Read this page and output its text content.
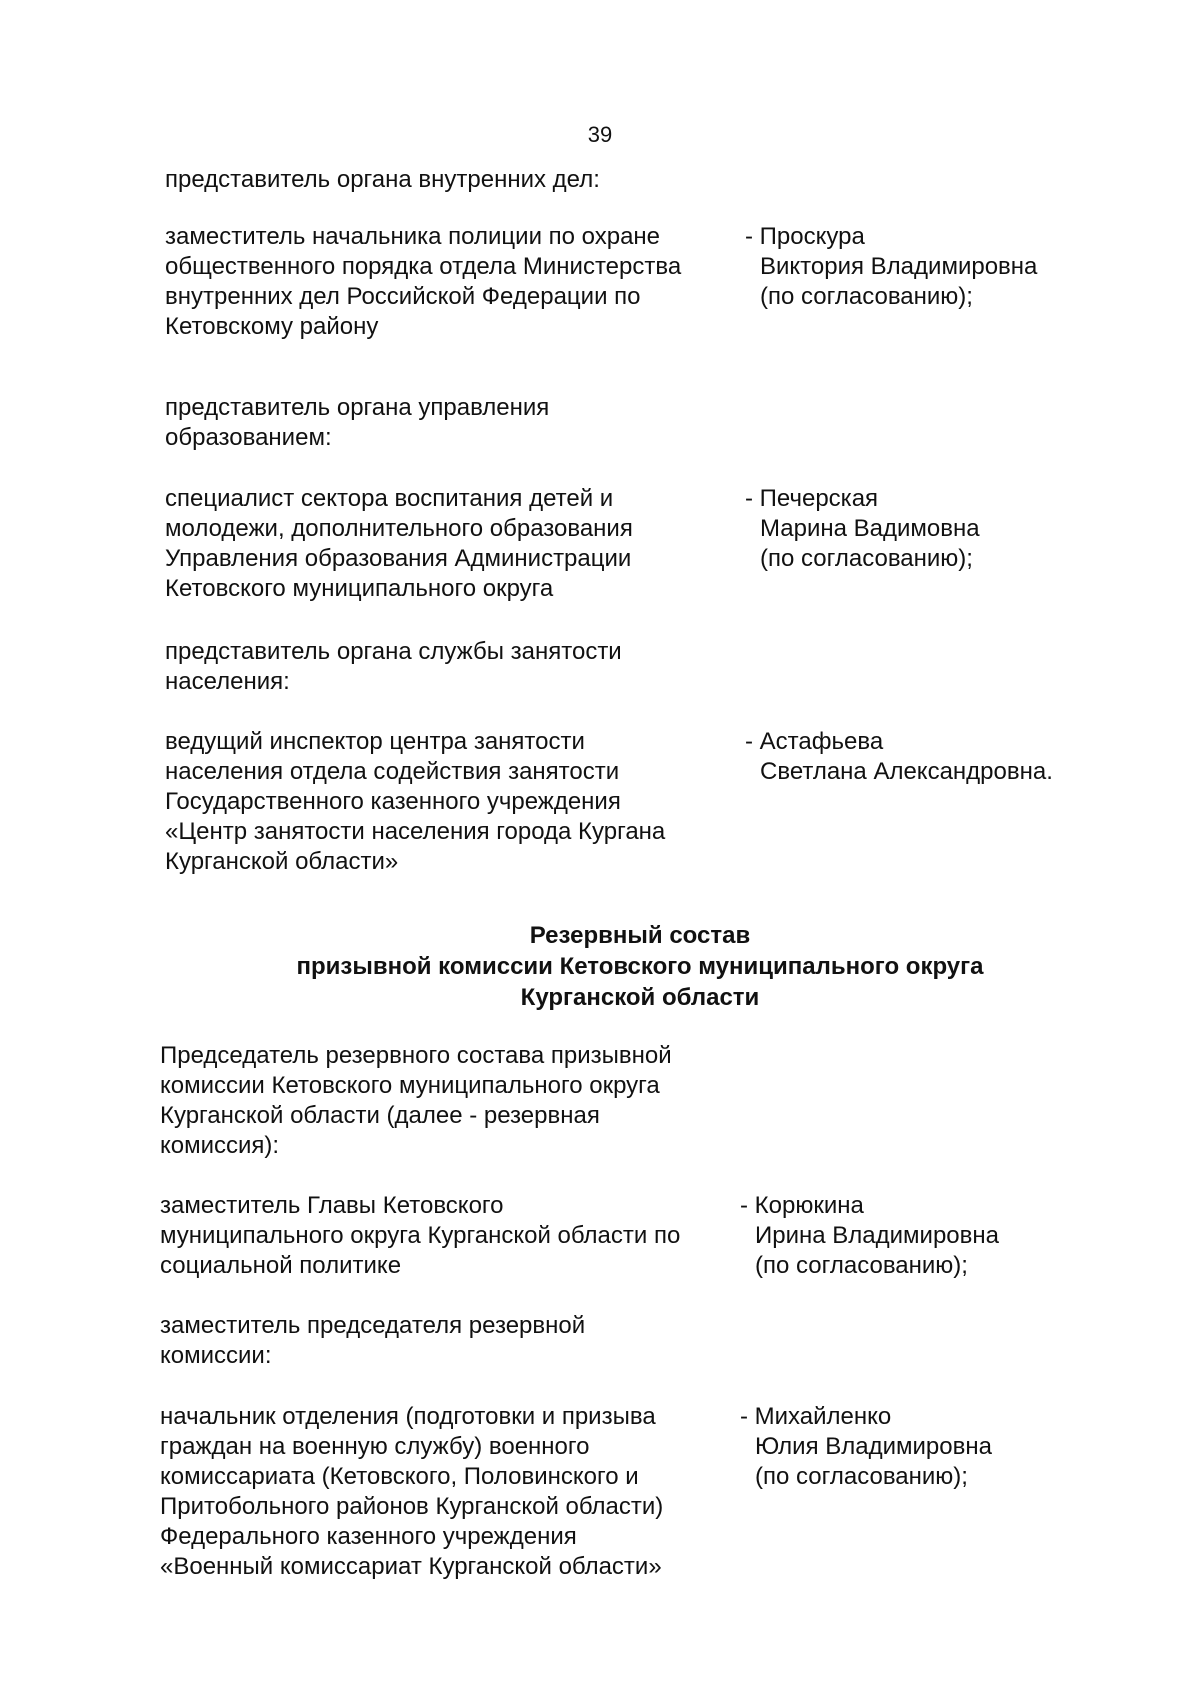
39
представитель органа внутренних дел:
заместитель начальника полиции по охране
общественного порядка отдела Министерства
внутренних дел Российской Федерации по
Кетовскому району
- Проскура
Виктория Владимировна
(по согласованию);
представитель органа управления
образованием:
специалист сектора воспитания детей и
молодежи, дополнительного образования
Управления образования Администрации
Кетовского муниципального округа
- Печерская
Марина Вадимовна
(по согласованию);
представитель органа службы занятости
населения:
ведущий инспектор центра занятости
населения отдела содействия занятости
Государственного казенного учреждения
«Центр занятости населения города Кургана
Курганской области»
- Астафьева
Светлана Александровна.
Резервный состав
призывной комиссии Кетовского муниципального округа
Курганской области
Председатель резервного состава призывной
комиссии Кетовского муниципального округа
Курганской области (далее - резервная
комиссия):
заместитель Главы Кетовского
муниципального округа Курганской области по
социальной политике
- Корюкина
Ирина Владимировна
(по согласованию);
заместитель председателя резервной
комиссии:
начальник отделения (подготовки и призыва
граждан на военную службу) военного
комиссариата (Кетовского, Половинского и
Притобольного районов Курганской области)
Федерального казенного учреждения
«Военный комиссариат Курганской области»
- Михайленко
Юлия Владимировна
(по согласованию);
